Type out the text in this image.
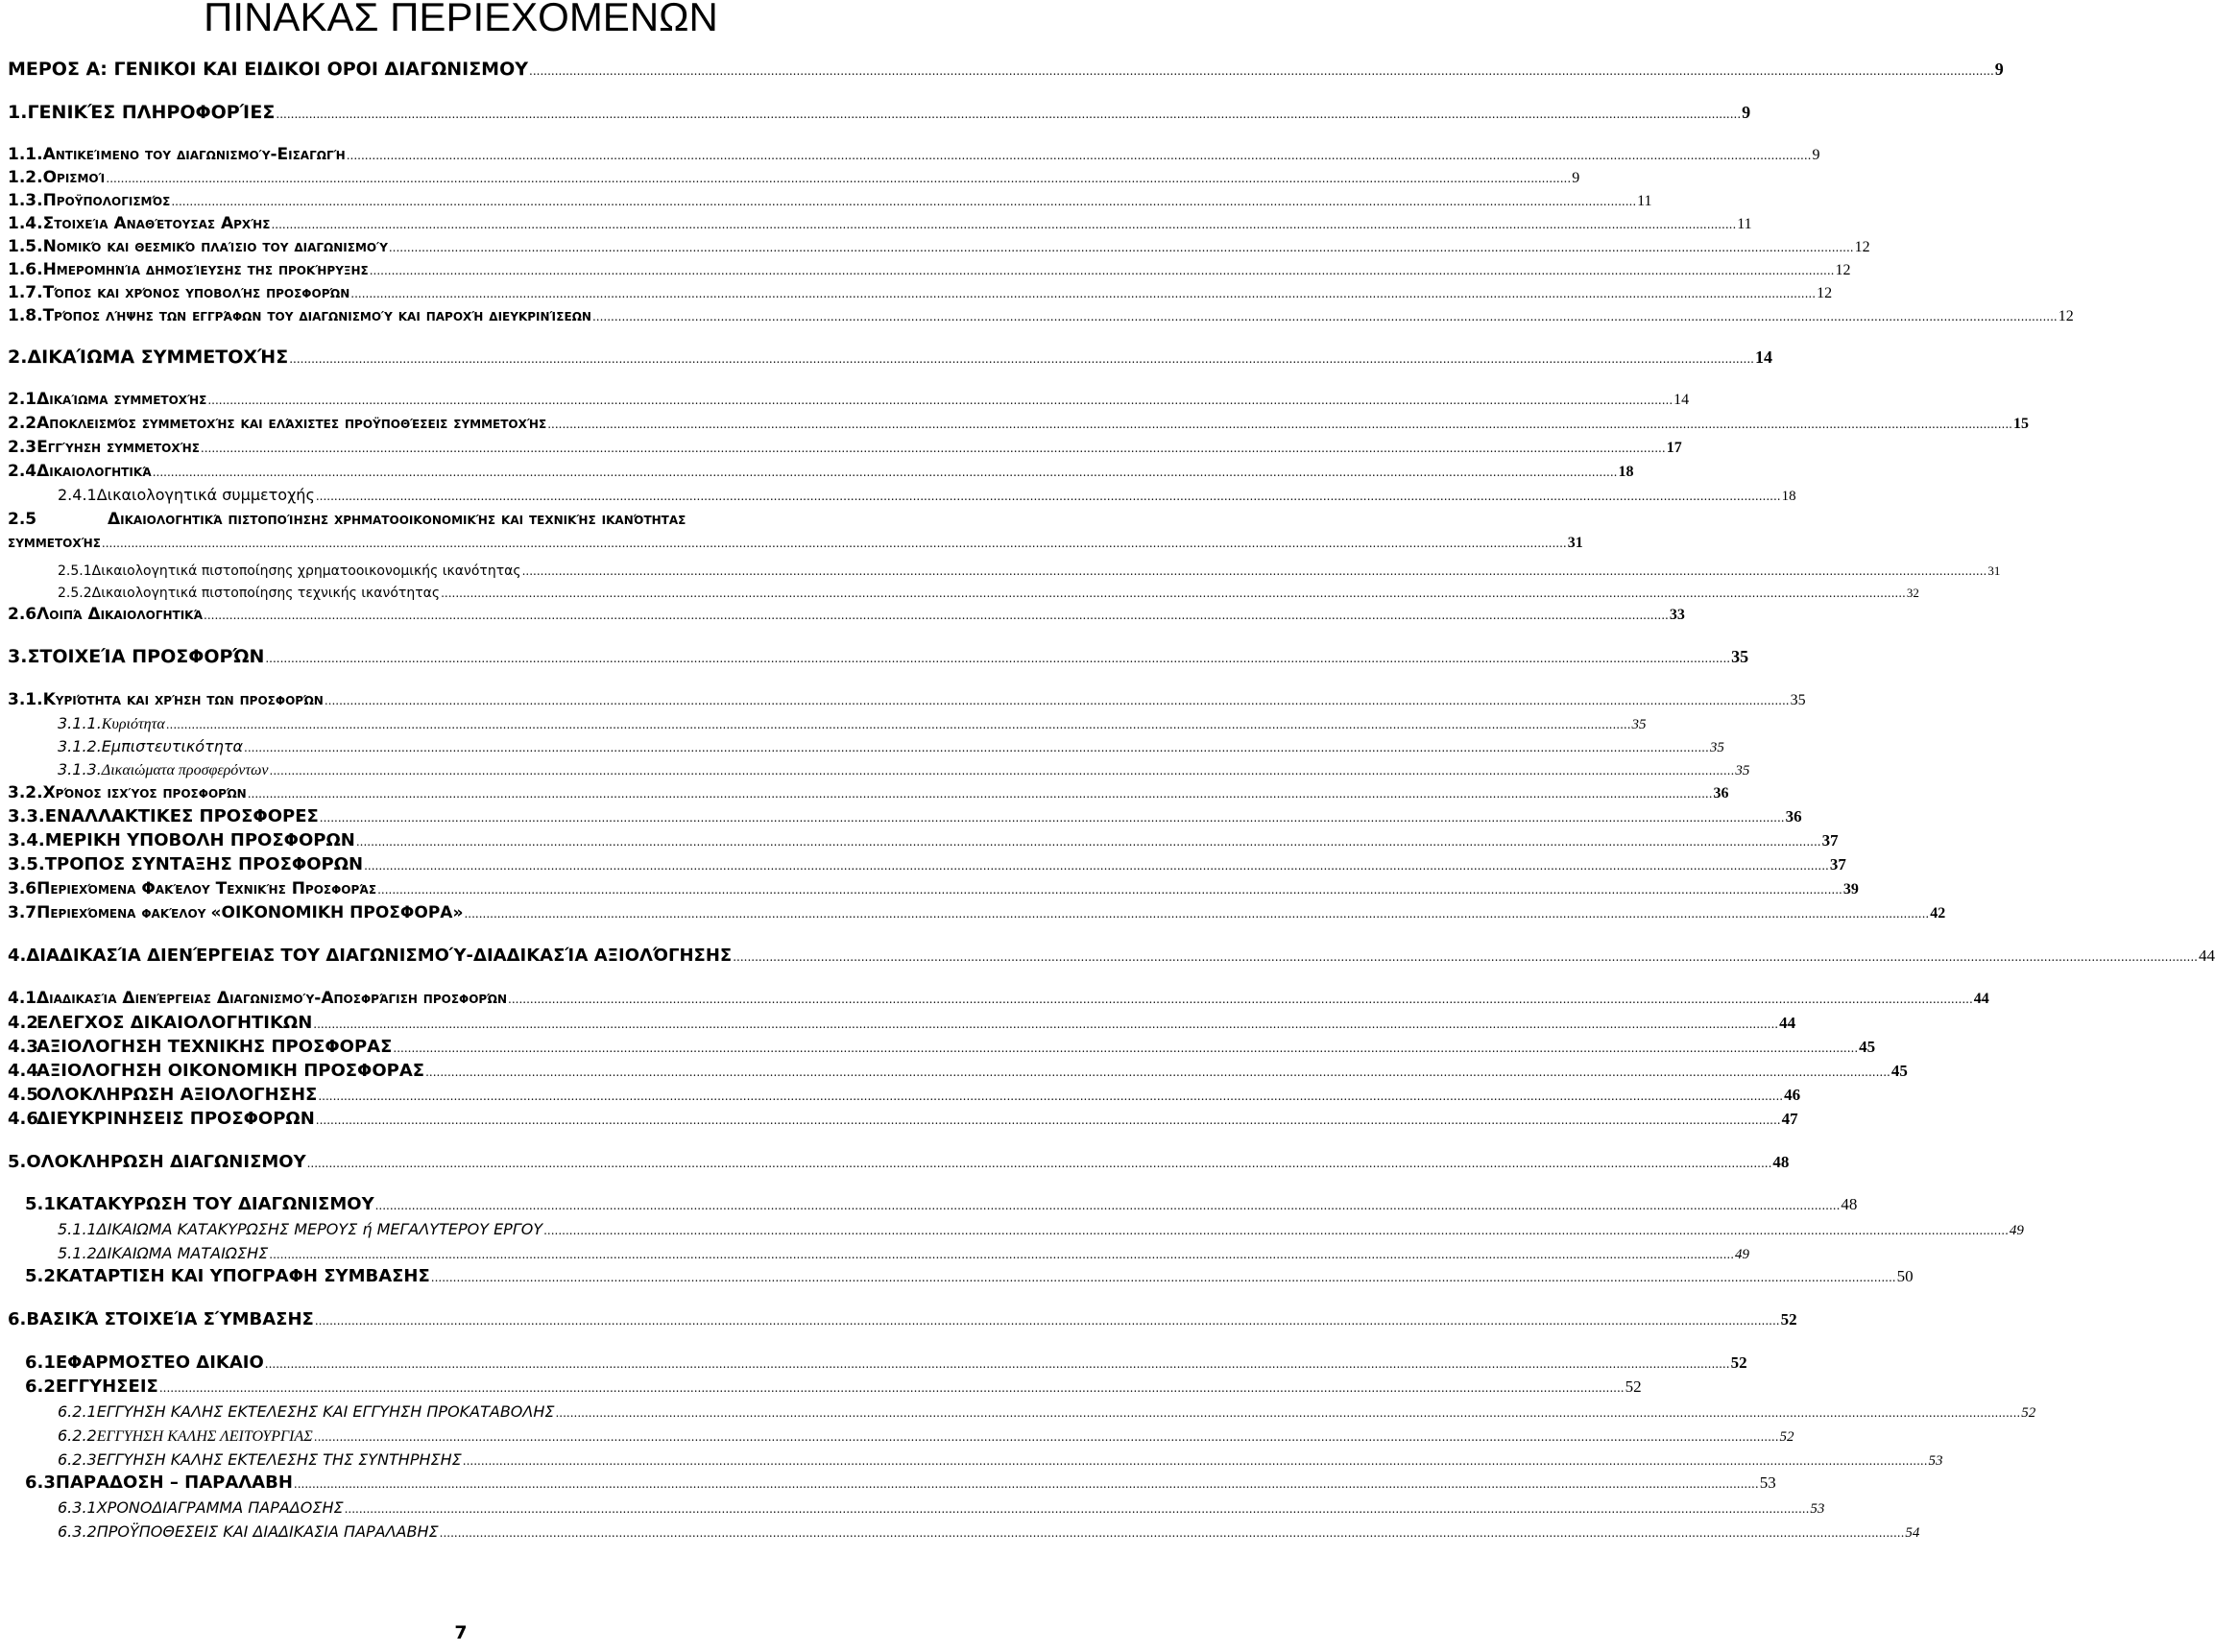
ΠΙΝΑΚΑΣ ΠΕΡΙΕΧΟΜΕΝΩΝ
ΜΕΡΟΣ Α: ΓΕΝΙΚΟΙ ΚΑΙ ΕΙΔΙΚΟΙ ΟΡΟΙ ΔΙΑΓΩΝΙΣΜΟΥ ................................................................................................................................................................................................................................................................................................................................................................................................................ 9
1. ΓΕΝΙΚΈΣ ΠΛΗΡΟΦΟΡΊΕΣ ................................................................................................................................................................................................................................................................................................................................................................................................................ 9
1.1. Αντικείμενο του διαγωνισμού-Εισαγωγή ................................................................................................................................................................................................................................................................................................................................................................................................................ 9
1.2. Ορισμοί ................................................................................................................................................................................................................................................................................................................................................................................................................ 9
1.3. Προϋπολογισμός ................................................................................................................................................................................................................................................................................................................................................................................................................ 11
1.4. Στοιχεία Αναθέτουσας Αρχής ................................................................................................................................................................................................................................................................................................................................................................................................................ 11
1.5. Νομικό και θεσμικό πλαίσιο του διαγωνισμού ................................................................................................................................................................................................................................................................................................................................................................................................................ 12
1.6. Ημερομηνία δημοσίευσης της προκήρυξης ................................................................................................................................................................................................................................................................................................................................................................................................................ 12
1.7. Τόπος και χρόνος υποβολής προσφορών ................................................................................................................................................................................................................................................................................................................................................................................................................ 12
1.8. Τρόπος λήψης των εγγράφων του διαγωνισμού και παροχή διευκρινίσεων ................................................................................................................................................................................................................................................................................................................................................................................................................ 12
2. ΔΙΚΑΊΩΜΑ ΣΥΜΜΕΤΟΧΉΣ ................................................................................................................................................................................................................................................................................................................................................................................................................ 14
2.1 Δικαίωμα συμμετοχής ................................................................................................................................................................................................................................................................................................................................................................................................................ 14
2.2 Αποκλεισμός συμμετοχής και ελάχιστες προϋποθέσεις συμμετοχής ................................................................................................................................................................................................................................................................................................................................................................................................................ 15
2.3 Εγγύηση συμμετοχής ................................................................................................................................................................................................................................................................................................................................................................................................................ 17
2.4 Δικαιολογητικά ................................................................................................................................................................................................................................................................................................................................................................................................................ 18
2.4.1 Δικαιολογητικά συμμετοχής ................................................................................................................................................................................................................................................................................................................................................................................................................ 18
2.5	Δικαιολογητικά πιστοποίησης χρηματοοικονομικής και τεχνικής ικανότητας
συμμετοχής ................................................................................................................................................................................................................................................................................................................................................................................................................ 31
2.5.1 Δικαιολογητικά πιστοποίησης χρηματοοικονομικής ικανότητας ................................................................................................................................................................................................................................................................................................................................................................................................................ 31
2.5.2 Δικαιολογητικά πιστοποίησης τεχνικής ικανότητας ................................................................................................................................................................................................................................................................................................................................................................................................................ 32
2.6 Λοιπά Δικαιολογητικά ................................................................................................................................................................................................................................................................................................................................................................................................................ 33
3. ΣΤΟΙΧΕΊΑ ΠΡΟΣΦΟΡΏΝ ................................................................................................................................................................................................................................................................................................................................................................................................................ 35
3.1. Κυριότητα και χρήση των προσφορών ................................................................................................................................................................................................................................................................................................................................................................................................................ 35
3.1.1. Κυριότητα ................................................................................................................................................................................................................................................................................................................................................................................................................ 35
3.1.2. Εμπιστευτικότητα ................................................................................................................................................................................................................................................................................................................................................................................................................ 35
3.1.3. Δικαιώματα προσφερόντων ................................................................................................................................................................................................................................................................................................................................................................................................................ 35
3.2. Χρόνος ισχύος προσφορών ................................................................................................................................................................................................................................................................................................................................................................................................................ 36
3.3. ΕΝΑΛΛΑΚΤΙΚΕΣ ΠΡΟΣΦΟΡΕΣ ................................................................................................................................................................................................................................................................................................................................................................................................................ 36
3.4. ΜΕΡΙΚΗ ΥΠΟΒΟΛΗ ΠΡΟΣΦΟΡΩΝ ................................................................................................................................................................................................................................................................................................................................................................................................................ 37
3.5. ΤΡΟΠΟΣ ΣΥΝΤΑΞΗΣ ΠΡΟΣΦΟΡΩΝ ................................................................................................................................................................................................................................................................................................................................................................................................................ 37
3.6 Περιεχόμενα Φακέλου Τεχνικής Προσφοράς ................................................................................................................................................................................................................................................................................................................................................................................................................ 39
3.7 Περιεχόμενα φακέλου «ΟΙΚΟΝΟΜΙΚΗ ΠΡΟΣΦΟΡΑ» ................................................................................................................................................................................................................................................................................................................................................................................................................ 42
4. ΔΙΑΔΙΚΑΣΊΑ ΔΙΕΝΈΡΓΕΙΑΣ ΤΟΥ ΔΙΑΓΩΝΙΣΜΟΎ-ΔΙΑΔΙΚΑΣΊΑ ΑΞΙΟΛΌΓΗΣΗΣ ................................................................................................................................................................................................................................................................................................................................................................................................................ 44
4.1 Διαδικασία Διενέργειας Διαγωνισμού-Αποσφράγιση προσφορών ................................................................................................................................................................................................................................................................................................................................................................................................................ 44
4.2
ΕΛΕΓΧΟΣ ΔΙΚΑΙΟΛΟΓΗΤΙΚΩΝ ................................................................................................................................................................................................................................................................................................................................................................................................................ 44
4.3
ΑΞΙΟΛΟΓΗΣΗ ΤΕΧΝΙΚΗΣ ΠΡΟΣΦΟΡΑΣ ................................................................................................................................................................................................................................................................................................................................................................................................................ 45
4.4
ΑΞΙΟΛΟΓΗΣΗ ΟΙΚΟΝΟΜΙΚΗ ΠΡΟΣΦΟΡΑΣ ................................................................................................................................................................................................................................................................................................................................................................................................................ 45
4.5
ΟΛΟΚΛΗΡΩΣΗ ΑΞΙΟΛΟΓΗΣΗΣ ................................................................................................................................................................................................................................................................................................................................................................................................................ 46
4.6
ΔΙΕΥΚΡΙΝΗΣΕΙΣ ΠΡΟΣΦΟΡΩΝ ................................................................................................................................................................................................................................................................................................................................................................................................................ 47
5. ΟΛΟΚΛΗΡΩΣΗ ΔΙΑΓΩΝΙΣΜΟΥ ................................................................................................................................................................................................................................................................................................................................................................................................................ 48
5.1 ΚΑΤΑΚΥΡΩΣΗ ΤΟΥ ΔΙΑΓΩΝΙΣΜΟΥ ................................................................................................................................................................................................................................................................................................................................................................................................................ 48
5.1.1 ΔΙΚΑΙΩΜΑ ΚΑΤΑΚΥΡΩΣΗΣ ΜΕΡΟΥΣ ή ΜΕΓΑΛΥΤΕΡΟΥ ΕΡΓΟΥ ................................................................................................................................................................................................................................................................................................................................................................................................................ 49
5.1.2 ΔΙΚΑΙΩΜΑ ΜΑΤΑΙΩΣΗΣ ................................................................................................................................................................................................................................................................................................................................................................................................................ 49
5.2 ΚΑΤΑΡΤΙΣΗ ΚΑΙ ΥΠΟΓΡΑΦΗ ΣΥΜΒΑΣΗΣ ................................................................................................................................................................................................................................................................................................................................................................................................................ 50
6. ΒΑΣΙΚΆ ΣΤΟΙΧΕΊΑ ΣΎΜΒΑΣΗΣ ................................................................................................................................................................................................................................................................................................................................................................................................................ 52
6.1 ΕΦΑΡΜΟΣΤΕΟ ΔΙΚΑΙΟ ................................................................................................................................................................................................................................................................................................................................................................................................................ 52
6.2 ΕΓΓΥΗΣΕΙΣ ................................................................................................................................................................................................................................................................................................................................................................................................................ 52
6.2.1 ΕΓΓΥΗΣΗ ΚΑΛΗΣ ΕΚΤΕΛΕΣΗΣ ΚΑΙ ΕΓΓΥΗΣΗ ΠΡΟΚΑΤΑΒΟΛΗΣ ................................................................................................................................................................................................................................................................................................................................................................................................................ 52
6.2.2 ΕΓΓΥΗΣΗ ΚΑΛΗΣ ΛΕΙΤΟΥΡΓΙΑΣ ................................................................................................................................................................................................................................................................................................................................................................................................................ 52
6.2.3 ΕΓΓΥΗΣΗ ΚΑΛΗΣ ΕΚΤΕΛΕΣΗΣ ΤΗΣ ΣΥΝΤΗΡΗΣΗΣ ................................................................................................................................................................................................................................................................................................................................................................................................................ 53
6.3 ΠΑΡΑΔΟΣΗ – ΠΑΡΑΛΑΒΗ ................................................................................................................................................................................................................................................................................................................................................................................................................ 53
6.3.1 ΧΡΟΝΟΔΙΑΓΡΑΜΜΑ ΠΑΡΑΔΟΣΗΣ ................................................................................................................................................................................................................................................................................................................................................................................................................ 53
6.3.2 ΠΡΟΫΠΟΘΕΣΕΙΣ ΚΑΙ ΔΙΑΔΙΚΑΣΙΑ ΠΑΡΑΛΑΒΗΣ ................................................................................................................................................................................................................................................................................................................................................................................................................ 54
7
